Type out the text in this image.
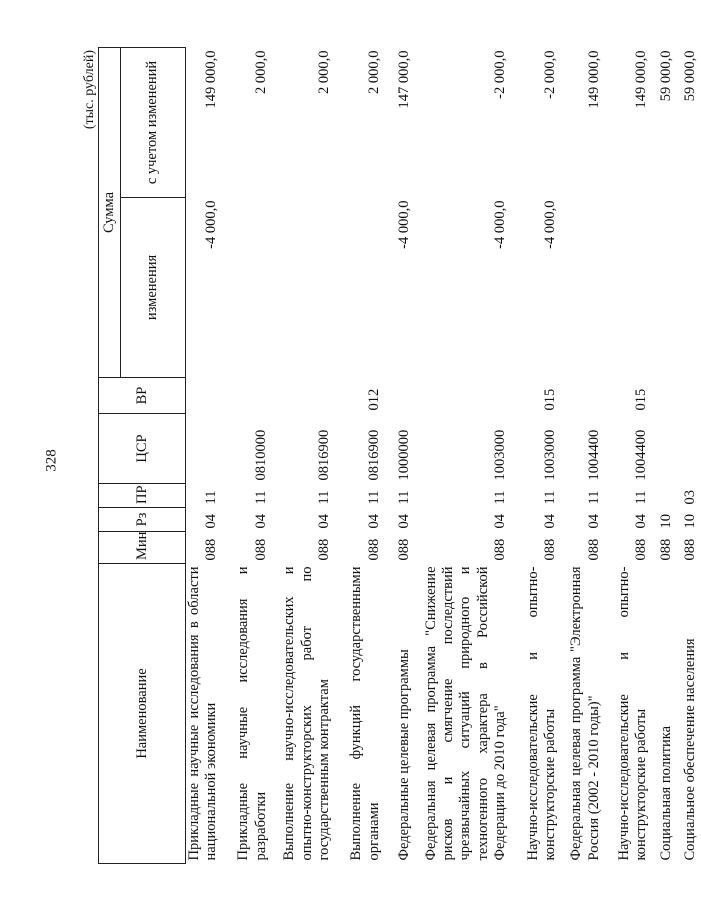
328
(тыс. рублей)
Наименование	Мин	Рз	ПР	ЦСР	ВР	Сумма	
						изменения	с учетом изменений
Прикладные научные исследования в области национальной экономики	088	04	11			-4 000,0	149 000,0
Прикладные научные исследования и разработки	088	04	11	0810000			2 000,0
Выполнение научно-исследовательских и опытно-конструкторских работ по государственным контрактам	088	04	11	0816900			2 000,0
Выполнение функций государственными органами	088	04	11	0816900	012		2 000,0
Федеральные целевые программы	088	04	11	1000000		-4 000,0	147 000,0
Федеральная целевая программа "Снижение рисков и смягчение последствий чрезвычайных ситуаций природного и техногенного характера в Российской Федерации до 2010 года"	088	04	11	1003000		-4 000,0	-2 000,0
Научно-исследовательские и опытно-конструкторские работы	088	04	11	1003000	015	-4 000,0	-2 000,0
Федеральная целевая программа "Электронная Россия (2002 - 2010 годы)"	088	04	11	1004400			149 000,0
Научно-исследовательские и опытно-конструкторские работы	088	04	11	1004400	015		149 000,0
Социальная политика	088	10					59 000,0
Социальное обеспечение населения	088	10	03				59 000,0
